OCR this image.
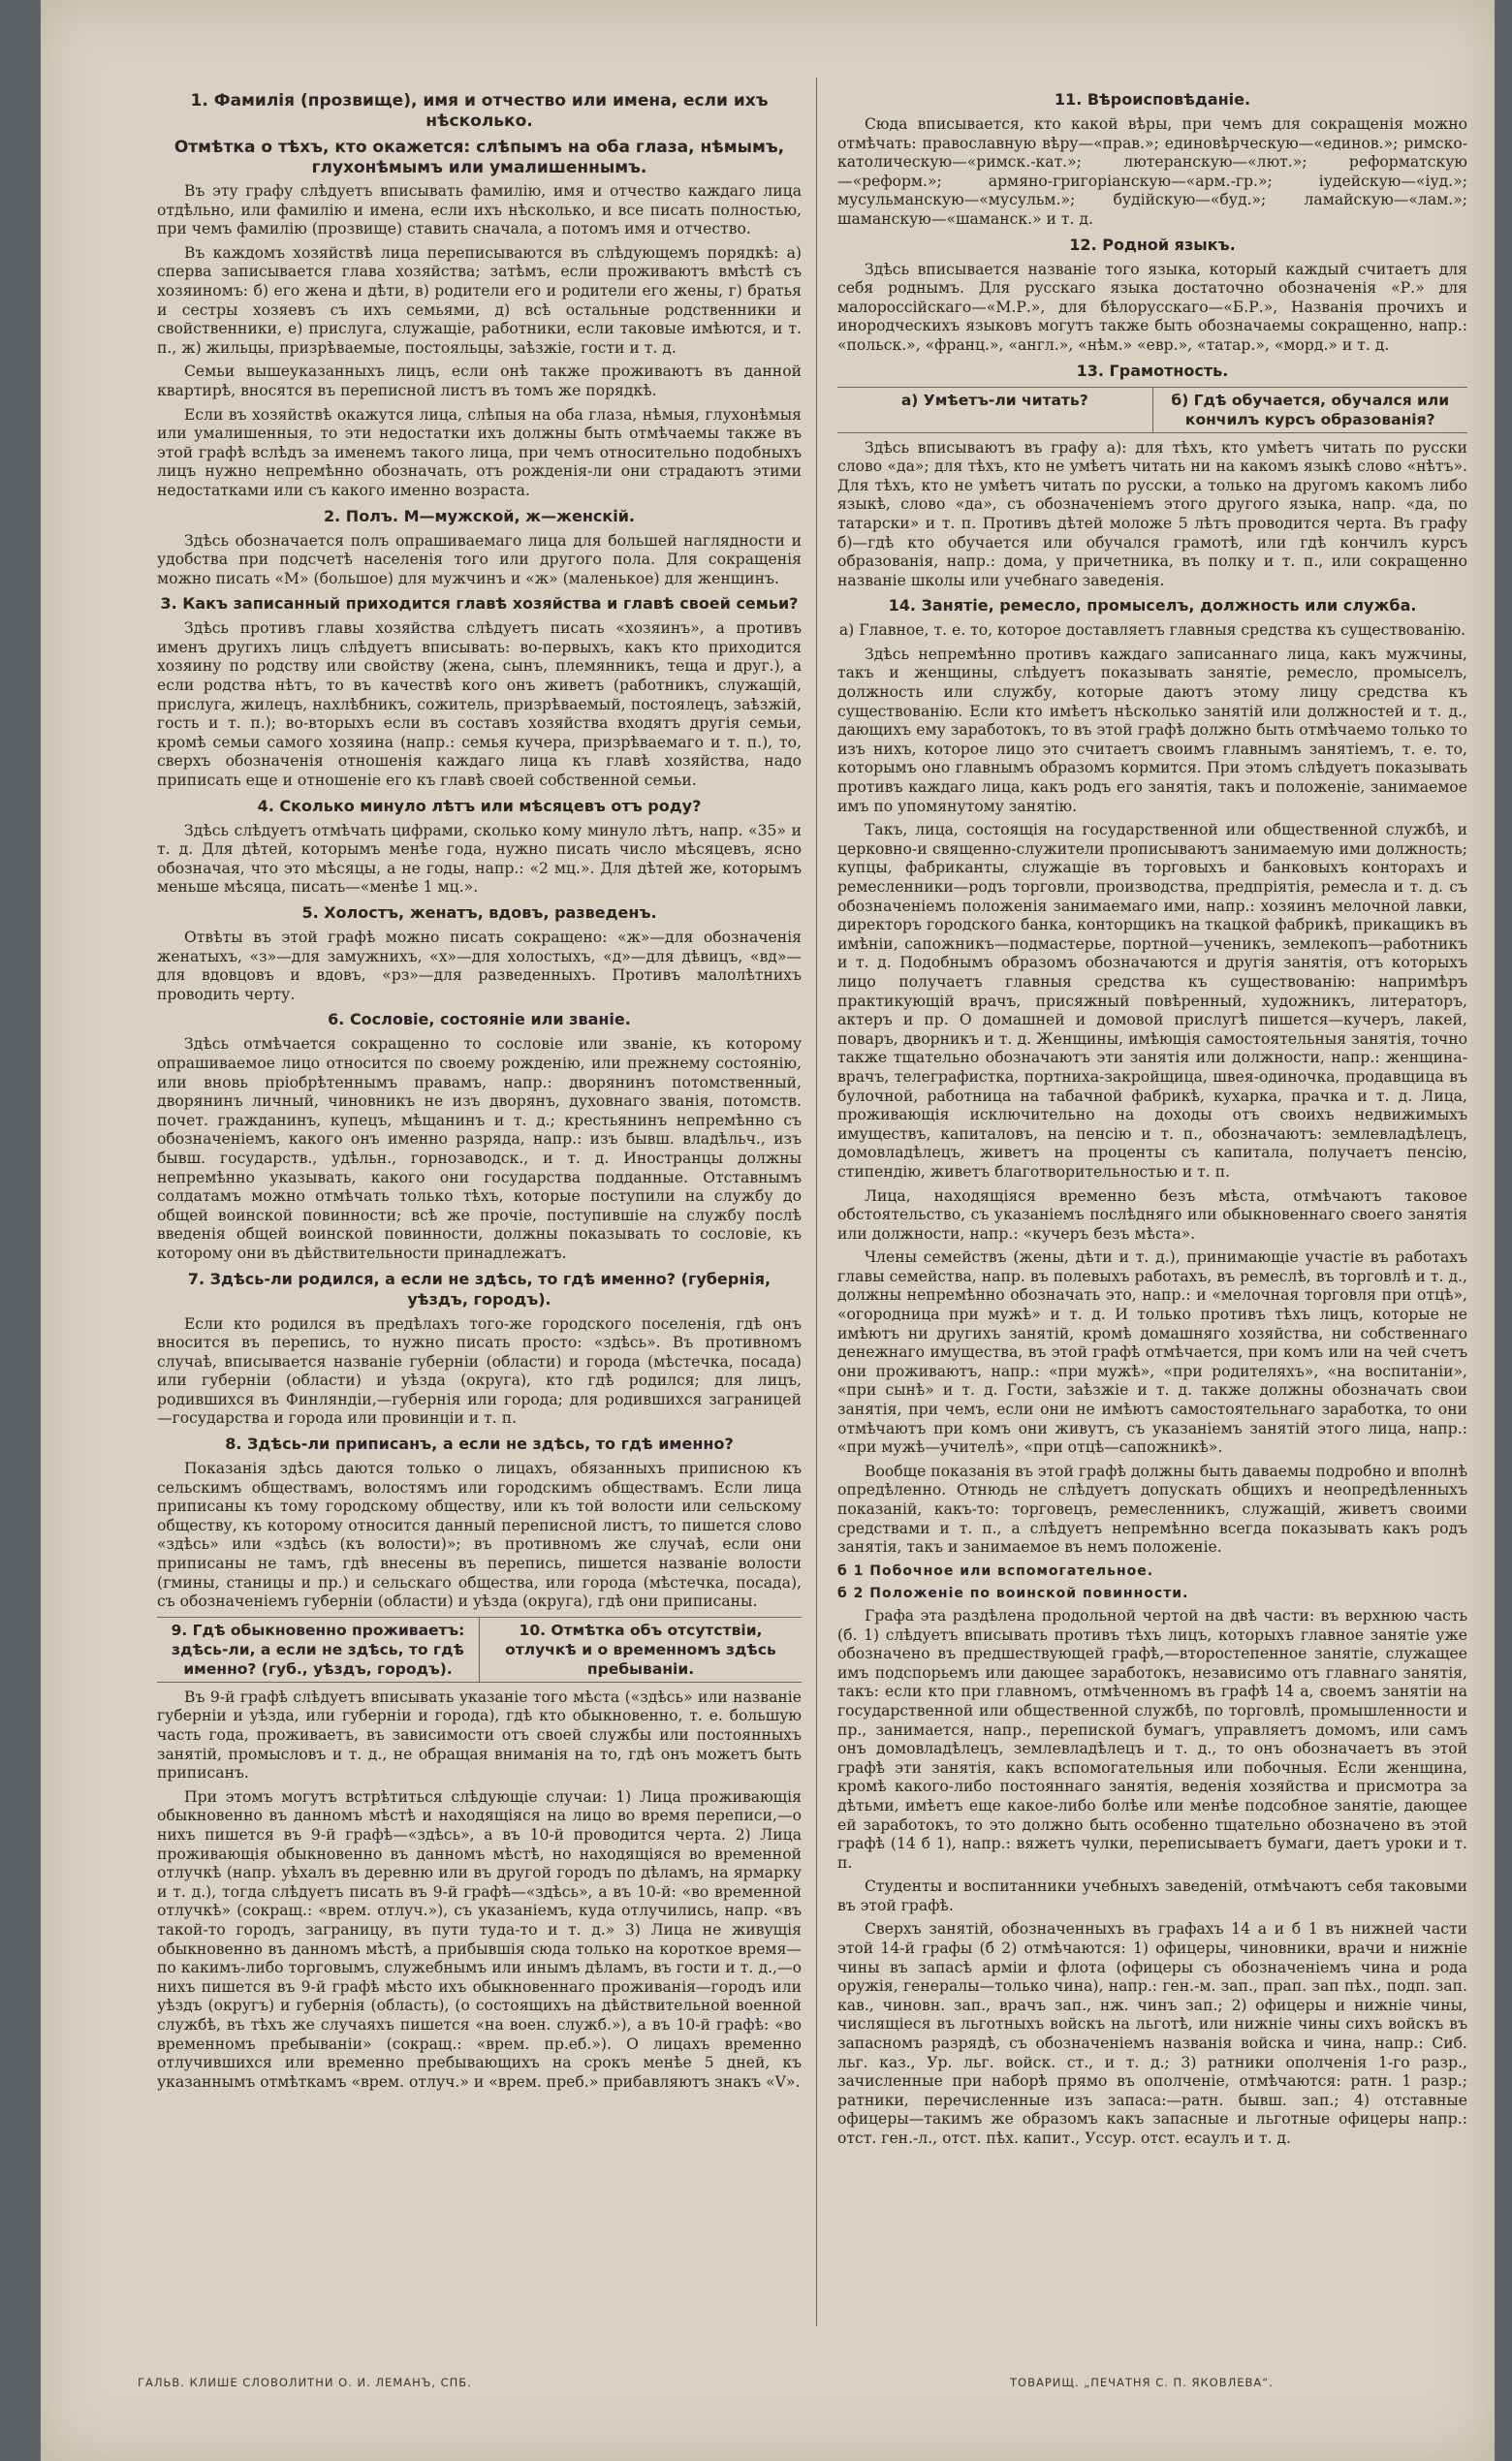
1. Фамилія (прозвище), имя и отчество или имена, если ихъ нѣсколько.
Отмѣтка о тѣхъ, кто окажется: слѣпымъ на оба глаза, нѣмымъ, глухонѣмымъ или умалишеннымъ.

Въ эту графу слѣдуетъ вписывать фамилію, имя и отчество каждаго лица отдѣльно, или фамилію и имена, если ихъ нѣсколько, и все писать полностью, при чемъ фамилію (прозвище) ставить сначала, а потомъ имя и отчество.

Въ каждомъ хозяйствѣ лица переписываются въ слѣдующемъ порядкѣ: а) сперва записывается глава хозяйства; затѣмъ, если проживаютъ вмѣстѣ съ хозяиномъ: б) его жена и дѣти, в) родители его и родители его жены, г) братья и сестры хозяевъ съ ихъ семьями, д) всѣ остальные родственники и свойственники, е) прислуга, служащіе, работники, если таковые имѣются, и т. п., ж) жильцы, призрѣваемые, постояльцы, заѣзжіе, гости и т. д.

Семьи вышеуказанныхъ лицъ, если онѣ также проживаютъ въ данной квартирѣ, вносятся въ переписной листъ въ томъ же порядкѣ.

Если въ хозяйствѣ окажутся лица, слѣпыя на оба глаза, нѣмыя, глухонѣмыя или умалишенныя, то эти недостатки ихъ должны быть отмѣчаемы также въ этой графѣ вслѣдъ за именемъ такого лица, при чемъ относительно подобныхъ лицъ нужно непремѣнно обозначать, отъ рожденія-ли они страдаютъ этими недостатками или съ какого именно возраста.

2. Полъ. М—мужской, ж—женскій.

Здѣсь обозначается полъ опрашиваемаго лица для большей наглядности и удобства при подсчетѣ населенія того или другого пола. Для сокращенія можно писать «М» (большое) для мужчинъ и «ж» (маленькое) для женщинъ.

3. Какъ записанный приходится главѣ хозяйства и главѣ своей семьи?

Здѣсь противъ главы хозяйства слѣдуетъ писать «хозяинъ», а противъ именъ другихъ лицъ слѣдуетъ вписывать: во-первыхъ, какъ кто приходится хозяину по родству или свойству (жена, сынъ, племянникъ, теща и друг.), а если родства нѣтъ, то въ качествѣ кого онъ живетъ (работникъ, служащій, прислуга, жилецъ, нахлѣбникъ, сожитель, призрѣваемый, постоялецъ, заѣзжій, гость и т. п.); во-вторыхъ если въ составъ хозяйства входятъ другія семьи, кромѣ семьи самого хозяина (напр.: семья кучера, призрѣваемаго и т. п.), то, сверхъ обозначенія отношенія каждаго лица къ главѣ хозяйства, надо приписать еще и отношеніе его къ главѣ своей собственной семьи.

4. Сколько минуло лѣтъ или мѣсяцевъ отъ роду?

Здѣсь слѣдуетъ отмѣчать цифрами, сколько кому минуло лѣтъ, напр. «35» и т. д. Для дѣтей, которымъ менѣе года, нужно писать число мѣсяцевъ, ясно обозначая, что это мѣсяцы, а не годы, напр.: «2 мц.». Для дѣтей же, которымъ меньше мѣсяца, писать—«менѣе 1 мц.».

5. Холостъ, женатъ, вдовъ, разведенъ.

Отвѣты въ этой графѣ можно писать сокращено: «ж»—для обозначенія женатыхъ, «з»—для замужнихъ, «х»—для холостыхъ, «д»—для дѣвицъ, «вд»—для вдовцовъ и вдовъ, «рз»—для разведенныхъ. Противъ малолѣтнихъ проводить черту.

6. Сословіе, состояніе или званіе.

Здѣсь отмѣчается сокращенно то сословіе или званіе, къ которому опрашиваемое лицо относится по своему рожденію, или прежнему состоянію, или вновь пріобрѣтеннымъ правамъ, напр.: дворянинъ потомственный, дворянинъ личный, чиновникъ не изъ дворянъ, духовнаго званія, потомств. почет. гражданинъ, купецъ, мѣщанинъ и т. д.; крестьянинъ непремѣнно съ обозначеніемъ, какого онъ именно разряда, напр.: изъ бывш. владѣльч., изъ бывш. государств., удѣльн., горнозаводск., и т. д. Иностранцы должны непремѣнно указывать, какого они государства подданные. Отставнымъ солдатамъ можно отмѣчать только тѣхъ, которые поступили на службу до общей воинской повинности; всѣ же прочіе, поступившіе на службу послѣ введенія общей воинской повинности, должны показывать то сословіе, къ которому они въ дѣйствительности принадлежатъ.

7. Здѣсь-ли родился, а если не здѣсь, то гдѣ именно? (губернія, уѣздъ, городъ).

Если кто родился въ предѣлахъ того-же городского поселенія, гдѣ онъ вносится въ перепись, то нужно писать просто: «здѣсь». Въ противномъ случаѣ, вписывается названіе губерніи (области) и города (мѣстечка, посада) или губерніи (области) и уѣзда (округа), кто гдѣ родился; для лицъ, родившихся въ Финляндіи,—губернія или города; для родившихся заграницей—государства и города или провинціи и т. п.

8. Здѣсь-ли приписанъ, а если не здѣсь, то гдѣ именно?

Показанія здѣсь даются только о лицахъ, обязанныхъ приписною къ сельскимъ обществамъ, волостямъ или городскимъ обществамъ. Если лица приписаны къ тому городскому обществу, или къ той волости или сельскому обществу, къ которому относится данный переписной листъ, то пишется слово «здѣсь» или «здѣсь (къ волости)»; въ противномъ же случаѣ, если они приписаны не тамъ, гдѣ внесены въ перепись, пишется названіе волости (гмины, станицы и пр.) и сельскаго общества, или города (мѣстечка, посада), съ обозначеніемъ губерніи (области) и уѣзда (округа), гдѣ они приписаны.

9. Гдѣ обыкновенно проживаетъ: здѣсь-ли, а если не здѣсь, то гдѣ именно? (губ., уѣздъ, городъ).
10. Отмѣтка объ отсутствіи, отлучкѣ и о временномъ здѣсь пребываніи.

Въ 9-й графѣ слѣдуетъ вписывать указаніе того мѣста («здѣсь» или названіе губерніи и уѣзда, или губерніи и города), гдѣ кто обыкновенно, т. е. большую часть года, проживаетъ, въ зависимости отъ своей службы или постоянныхъ занятій, промысловъ и т. д., не обращая вниманія на то, гдѣ онъ можетъ быть приписанъ.

При этомъ могутъ встрѣтиться слѣдующіе случаи: 1) Лица проживающія обыкновенно въ данномъ мѣстѣ и находящіяся на лицо во время переписи,—о нихъ пишется въ 9-й графѣ—«здѣсь», а въ 10-й проводится черта. 2) Лица проживающія обыкновенно въ данномъ мѣстѣ, но находящіяся во временной отлучкѣ (напр. уѣхалъ въ деревню или въ другой городъ по дѣламъ, на ярмарку и т. д.), тогда слѣдуетъ писать въ 9-й графѣ—«здѣсь», а въ 10-й: «во временной отлучкѣ» (сокращ.: «врем. отлуч.»), съ указаніемъ, куда отлучились, напр. «въ такой-то городъ, заграницу, въ пути туда-то и т. д.» 3) Лица не живущія обыкновенно въ данномъ мѣстѣ, а прибывшія сюда только на короткое время—по какимъ-либо торговымъ, служебнымъ или инымъ дѣламъ, въ гости и т. д.,—о нихъ пишется въ 9-й графѣ мѣсто ихъ обыкновеннаго проживанія—городъ или уѣздъ (округъ) и губернія (область), (о состоящихъ на дѣйствительной военной службѣ, въ тѣхъ же случаяхъ пишется «на воен. служб.»), а въ 10-й графѣ: «во временномъ пребываніи» (сокращ.: «врем. пр.еб.»). О лицахъ временно отлучившихся или временно пребывающихъ на срокъ менѣе 5 дней, къ указаннымъ отмѣткамъ «врем. отлуч.» и «врем. преб.» прибавляютъ знакъ «V».

11. Вѣроисповѣданіе.

Сюда вписывается, кто какой вѣры, при чемъ для сокращенія можно отмѣчать: православную вѣру—«прав.»; единовѣрческую—«единов.»; римско-католическую—«римск.-кат.»; лютеранскую—«лют.»; реформатскую—«реформ.»; армяно-григоріанскую—«арм.-гр.»; іудейскую—«іуд.»; мусульманскую—«мусульм.»; будійскую—«буд.»; ламайскую—«лам.»; шаманскую—«шаманск.» и т. д.

12. Родной языкъ.

Здѣсь вписывается названіе того языка, который каждый считаетъ для себя роднымъ. Для русскаго языка достаточно обозначенія «Р.» для малороссійскаго—«М.Р.», для бѣлорусскаго—«Б.Р.», Названія прочихъ и инородческихъ языковъ могутъ также быть обозначаемы сокращенно, напр.: «польск.», «франц.», «англ.», «нѣм.» «евр.», «татар.», «морд.» и т. д.

13. Грамотность.
а) Умѣетъ-ли читать?	б) Гдѣ обучается, обучался или кончилъ курсъ образованія?

Здѣсь вписываютъ въ графу а): для тѣхъ, кто умѣетъ читать по русски слово «да»; для тѣхъ, кто не умѣетъ читать ни на какомъ языкѣ слово «нѣтъ». Для тѣхъ, кто не умѣетъ читать по русски, а только на другомъ какомъ либо языкѣ, слово «да», съ обозначеніемъ этого другого языка, напр. «да, по татарски» и т. п. Противъ дѣтей моложе 5 лѣтъ проводится черта. Въ графу б)—гдѣ кто обучается или обучался грамотѣ, или гдѣ кончилъ курсъ образованія, напр.: дома, у причетника, въ полку и т. п., или сокращенно названіе школы или учебнаго заведенія.

14. Занятіе, ремесло, промыселъ, должность или служба.

а) Главное, т. е. то, которое доставляетъ главныя средства къ существованію.

Здѣсь непремѣнно противъ каждаго записаннаго лица, какъ мужчины, такъ и женщины, слѣдуетъ показывать занятіе, ремесло, промыселъ, должность или службу, которые даютъ этому лицу средства къ существованію. Если кто имѣетъ нѣсколько занятій или должностей и т. д., дающихъ ему заработокъ, то въ этой графѣ должно быть отмѣчаемо только то изъ нихъ, которое лицо это считаетъ своимъ главнымъ занятіемъ, т. е. то, которымъ оно главнымъ образомъ кормится. При этомъ слѣдуетъ показывать противъ каждаго лица, какъ родъ его занятія, такъ и положеніе, занимаемое имъ по упомянутому занятію.

Такъ, лица, состоящія на государственной или общественной службѣ, и церковно-и священно-служители прописываютъ занимаемую ими должность; купцы, фабриканты, служащіе въ торговыхъ и банковыхъ конторахъ и ремесленники—родъ торговли, производства, предпріятія, ремесла и т. д. съ обозначеніемъ положенія занимаемаго ими, напр.: хозяинъ мелочной лавки, директоръ городского банка, конторщикъ на ткацкой фабрикѣ, прикащикъ въ имѣніи, сапожникъ—подмастерье, портной—ученикъ, землекопъ—работникъ и т. д. Подобнымъ образомъ обозначаются и другія занятія, отъ которыхъ лицо получаетъ главныя средства къ существованію: напримѣръ практикующій врачъ, присяжный повѣренный, художникъ, литераторъ, актеръ и пр. О домашней и домовой прислугѣ пишется—кучеръ, лакей, поваръ, дворникъ и т. д. Женщины, имѣющія самостоятельныя занятія, точно также тщательно обозначаютъ эти занятія или должности, напр.: женщина-врачъ, телеграфистка, портниха-закройщица, швея-одиночка, продавщица въ булочной, работница на табачной фабрикѣ, кухарка, прачка и т. д. Лица, проживающія исключительно на доходы отъ своихъ недвижимыхъ имуществъ, капиталовъ, на пенсію и т. п., обозначаютъ: землевладѣлецъ, домовладѣлецъ, живетъ на проценты съ капитала, получаетъ пенсію, стипендію, живетъ благотворительностью и т. п.

Лица, находящіяся временно безъ мѣста, отмѣчаютъ таковое обстоятельство, съ указаніемъ послѣдняго или обыкновеннаго своего занятія или должности, напр.: «кучеръ безъ мѣста».

Члены семействъ (жены, дѣти и т. д.), принимающіе участіе въ работахъ главы семейства, напр. въ полевыхъ работахъ, въ ремеслѣ, въ торговлѣ и т. д., должны непремѣнно обозначать это, напр.: и «мелочная торговля при отцѣ», «огородница при мужѣ» и т. д. И только противъ тѣхъ лицъ, которые не имѣютъ ни другихъ занятій, кромѣ домашняго хозяйства, ни собственнаго денежнаго имущества, въ этой графѣ отмѣчается, при комъ или на чей счетъ они проживаютъ, напр.: «при мужѣ», «при родителяхъ», «на воспитаніи», «при сынѣ» и т. д. Гости, заѣзжіе и т. д. также должны обозначать свои занятія, при чемъ, если они не имѣютъ самостоятельнаго заработка, то они отмѣчаютъ при комъ они живутъ, съ указаніемъ занятій этого лица, напр.: «при мужѣ—учителѣ», «при отцѣ—сапожникѣ».

Вообще показанія въ этой графѣ должны быть даваемы подробно и вполнѣ опредѣленно. Отнюдь не слѣдуетъ допускать общихъ и неопредѣленныхъ показаній, какъ-то: торговецъ, ремесленникъ, служащій, живетъ своими средствами и т. п., а слѣдуетъ непремѣнно всегда показывать какъ родъ занятія, такъ и занимаемое въ немъ положеніе.

б 1 Побочное или вспомогательное.
б 2 Положеніе по воинской повинности.

Графа эта раздѣлена продольной чертой на двѣ части: въ верхнюю часть (б. 1) слѣдуетъ вписывать противъ тѣхъ лицъ, которыхъ главное занятіе уже обозначено въ предшествующей графѣ,—второстепенное занятіе, служащее имъ подспорьемъ или дающее заработокъ, независимо отъ главнаго занятія, такъ: если кто при главномъ, отмѣченномъ въ графѣ 14 а, своемъ занятіи на государственной или общественной службѣ, по торговлѣ, промышленности и пр., занимается, напр., перепиской бумагъ, управляетъ домомъ, или самъ онъ домовладѣлецъ, землевладѣлецъ и т. д., то онъ обозначаетъ въ этой графѣ эти занятія, какъ вспомогательныя или побочныя. Если женщина, кромѣ какого-либо постояннаго занятія, веденія хозяйства и присмотра за дѣтьми, имѣетъ еще какое-либо болѣе или менѣе подсобное занятіе, дающее ей заработокъ, то это должно быть особенно тщательно обозначено въ этой графѣ (14 б 1), напр.: вяжетъ чулки, переписываетъ бумаги, даетъ уроки и т. п.

Студенты и воспитанники учебныхъ заведеній, отмѣчаютъ себя таковыми въ этой графѣ.

Сверхъ занятій, обозначенныхъ въ графахъ 14 а и б 1 въ нижней части этой 14-й графы (б 2) отмѣчаются: 1) офицеры, чиновники, врачи и нижніе чины въ запасѣ арміи и флота (офицеры съ обозначеніемъ чина и рода оружія, генералы—только чина), напр.: ген.-м. зап., прап. зап пѣх., подп. зап. кав., чиновн. зап., врачъ зап., нж. чинъ зап.; 2) офицеры и нижніе чины, числящіеся въ льготныхъ войскъ на льготѣ, или нижніе чины сихъ войскъ въ запасномъ разрядѣ, съ обозначеніемъ названія войска и чина, напр.: Сиб. льг. каз., Ур. льг. войск. ст., и т. д.; 3) ратники ополченія 1-го разр., зачисленные при наборѣ прямо въ ополченіе, отмѣчаются: ратн. 1 разр.; ратники, перечисленные изъ запаса:—ратн. бывш. зап.; 4) отставные офицеры—такимъ же образомъ какъ запасные и льготные офицеры напр.: отст. ген.-л., отст. пѣх. капит., Уссур. отст. есаулъ и т. д.

ГАЛЬВ. КЛИШЕ СЛОВОЛИТНИ О. И. ЛЕМАНЪ, СПБ.	ТОВАРИЩ. „ПЕЧАТНЯ С. П. ЯКОВЛЕВА“.
